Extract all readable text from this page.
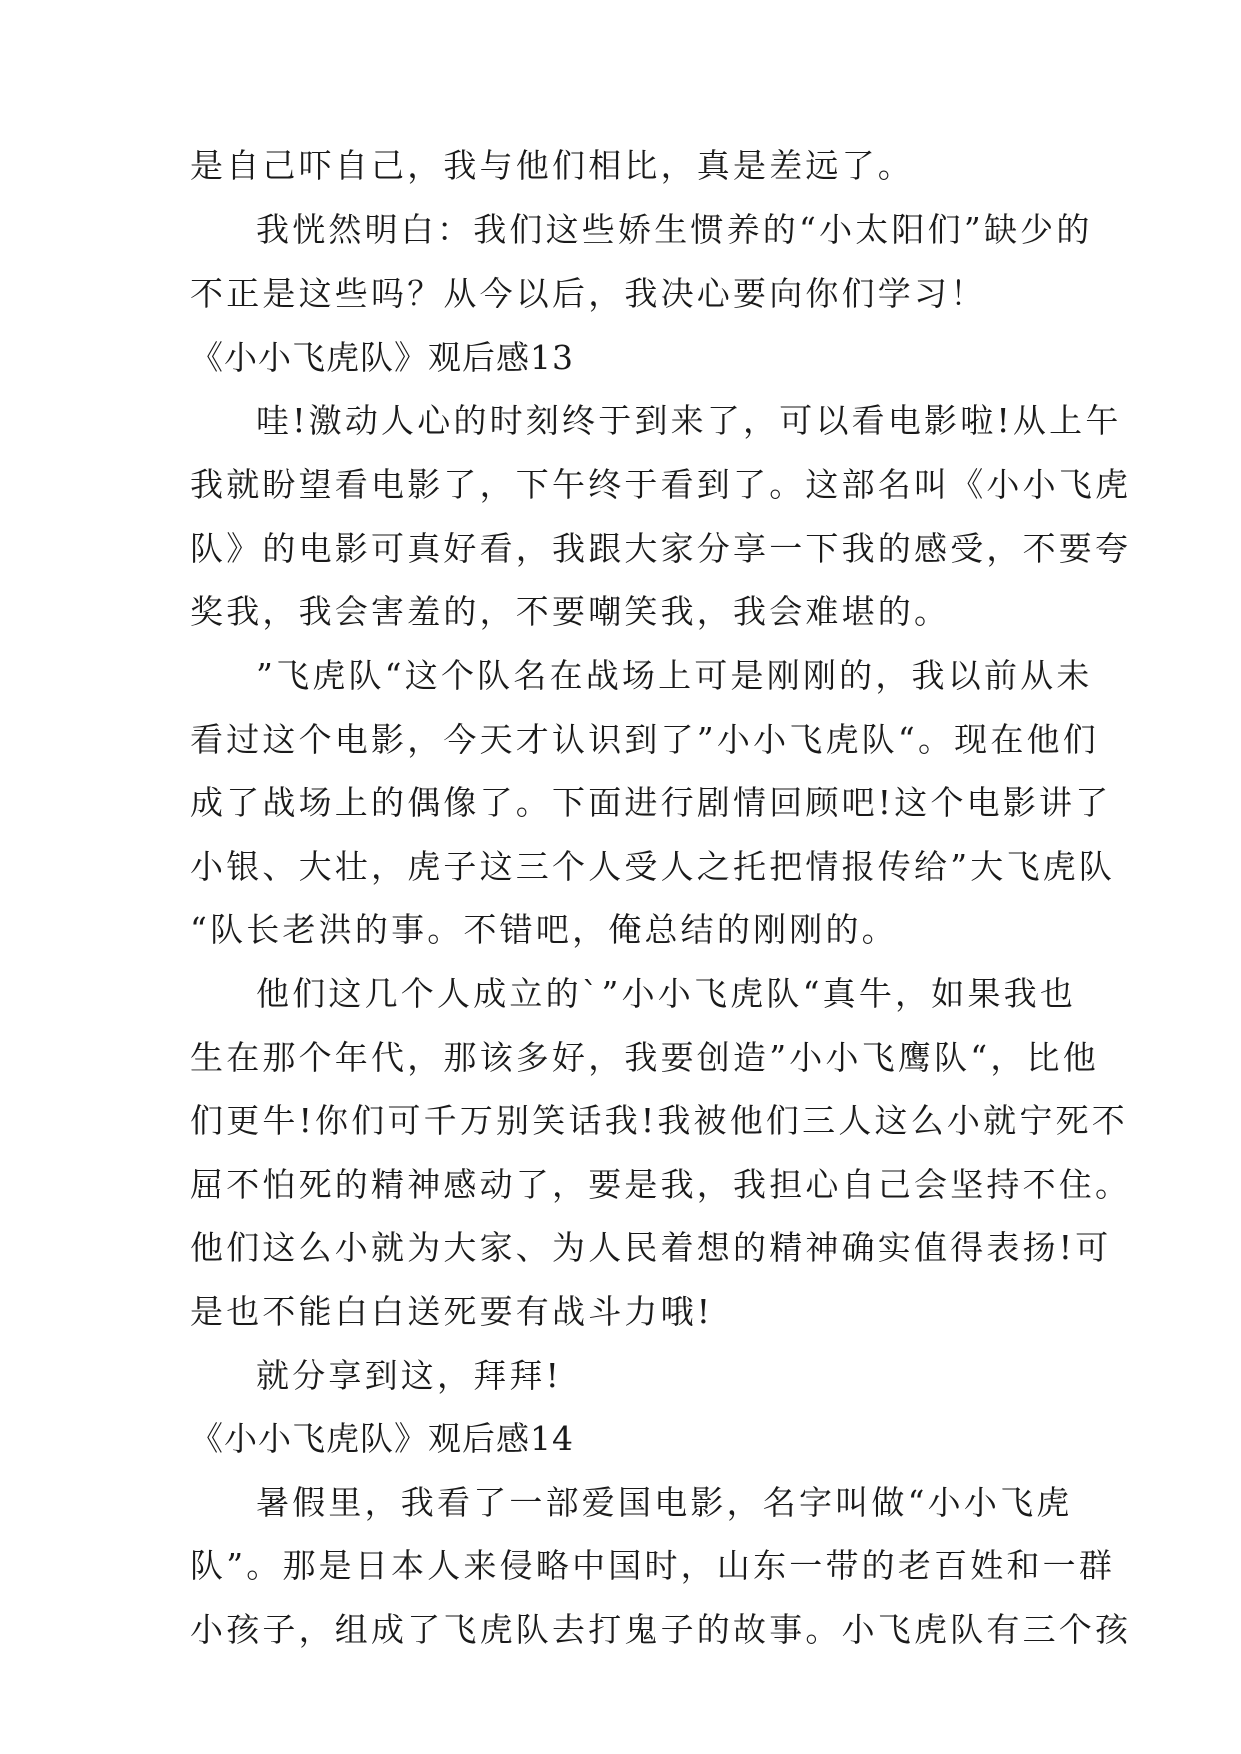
是自己吓自己，我与他们相比，真是差远了。
我恍然明白：我们这些娇生惯养的“小太阳们”缺少的
不正是这些吗？从今以后，我决心要向你们学习！
《小小飞虎队》观后感13
哇!激动人心的时刻终于到来了，可以看电影啦!从上午
我就盼望看电影了，下午终于看到了。这部名叫《小小飞虎
队》的电影可真好看，我跟大家分享一下我的感受，不要夸
奖我，我会害羞的，不要嘲笑我，我会难堪的。
”飞虎队“这个队名在战场上可是刚刚的，我以前从未
看过这个电影，今天才认识到了”小小飞虎队“。现在他们
成了战场上的偶像了。下面进行剧情回顾吧!这个电影讲了
小银、大壮，虎子这三个人受人之托把情报传给”大飞虎队
“队长老洪的事。不错吧，俺总结的刚刚的。
他们这几个人成立的`”小小飞虎队“真牛，如果我也
生在那个年代，那该多好，我要创造”小小飞鹰队“，比他
们更牛!你们可千万别笑话我!我被他们三人这么小就宁死不
屈不怕死的精神感动了，要是我，我担心自己会坚持不住。
他们这么小就为大家、为人民着想的精神确实值得表扬!可
是也不能白白送死要有战斗力哦!
就分享到这，拜拜!
《小小飞虎队》观后感14
暑假里，我看了一部爱国电影，名字叫做“小小飞虎
队”。那是日本人来侵略中国时，山东一带的老百姓和一群
小孩子，组成了飞虎队去打鬼子的故事。小飞虎队有三个孩
